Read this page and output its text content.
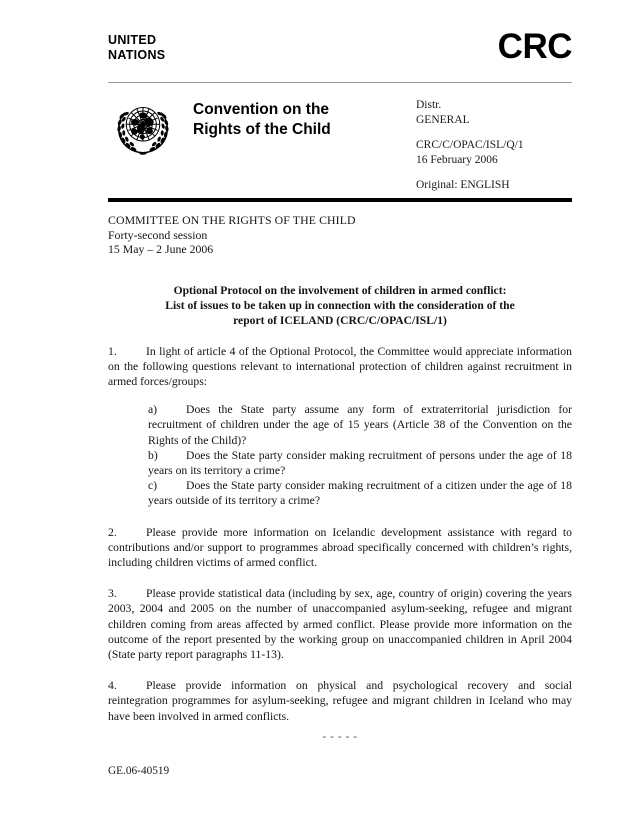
UNITED
NATIONS	CRC
Convention on the
Rights of the Child
Distr.
GENERAL
CRC/C/OPAC/ISL/Q/1
16 February 2006
Original: ENGLISH
COMMITTEE ON THE RIGHTS OF THE CHILD
Forty-second session
15 May – 2 June 2006
Optional Protocol on the involvement of children in armed conflict:
List of issues to be taken up in connection with the consideration of the
report of ICELAND (CRC/C/OPAC/ISL/1)
1. In light of article 4 of the Optional Protocol, the Committee would appreciate information on the following questions relevant to international protection of children against recruitment in armed forces/groups:
a) Does the State party assume any form of extraterritorial jurisdiction for recruitment of children under the age of 15 years (Article 38 of the Convention on the Rights of the Child)?
b) Does the State party consider making recruitment of persons under the age of 18 years on its territory a crime?
c) Does the State party consider making recruitment of a citizen under the age of 18 years outside of its territory a crime?
2. Please provide more information on Icelandic development assistance with regard to contributions and/or support to programmes abroad specifically concerned with children’s rights, including children victims of armed conflict.
3. Please provide statistical data (including by sex, age, country of origin) covering the years 2003, 2004 and 2005 on the number of unaccompanied asylum-seeking, refugee and migrant children coming from areas affected by armed conflict. Please provide more information on the outcome of the report presented by the working group on unaccompanied children in April 2004 (State party report paragraphs 11-13).
4. Please provide information on physical and psychological recovery and social reintegration programmes for asylum-seeking, refugee and migrant children in Iceland who may have been involved in armed conflicts.
- - - - -
GE.06-40519
